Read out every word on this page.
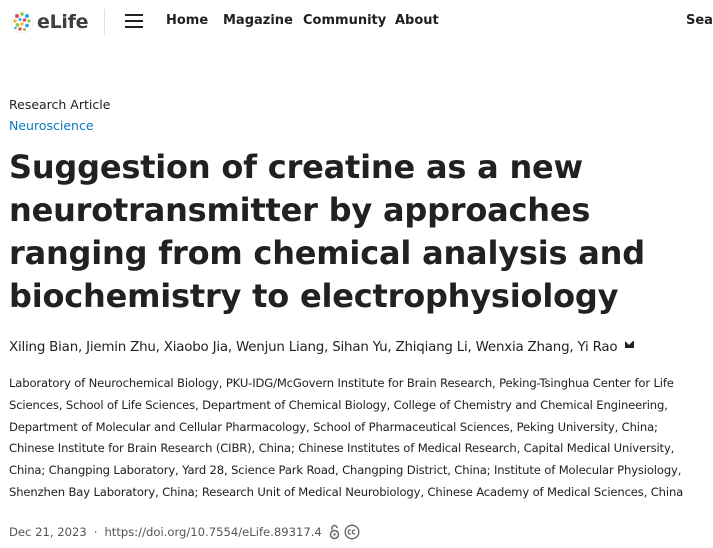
eLife	Home Magazine Community About	Sea
Research Article
Neuroscience
Suggestion of creatine as a new neurotransmitter by approaches ranging from chemical analysis and biochemistry to electrophysiology
Xiling Bian, Jiemin Zhu, Xiaobo Jia, Wenjun Liang, Sihan Yu, Zhiqiang Li, Wenxia Zhang, Yi Rao

Laboratory of Neurochemical Biology, PKU-IDG/McGovern Institute for Brain Research, Peking-Tsinghua Center for Life Sciences, School of Life Sciences, Department of Chemical Biology, College of Chemistry and Chemical Engineering, Department of Molecular and Cellular Pharmacology, School of Pharmaceutical Sciences, Peking University, China; Chinese Institute for Brain Research (CIBR), China; Chinese Institutes of Medical Research, Capital Medical University, China; Changping Laboratory, Yard 28, Science Park Road, Changping District, China; Institute of Molecular Physiology, Shenzhen Bay Laboratory, China; Research Unit of Medical Neurobiology, Chinese Academy of Medical Sciences, China

Dec 21, 2023 · https://doi.org/10.7554/eLife.89317.4
